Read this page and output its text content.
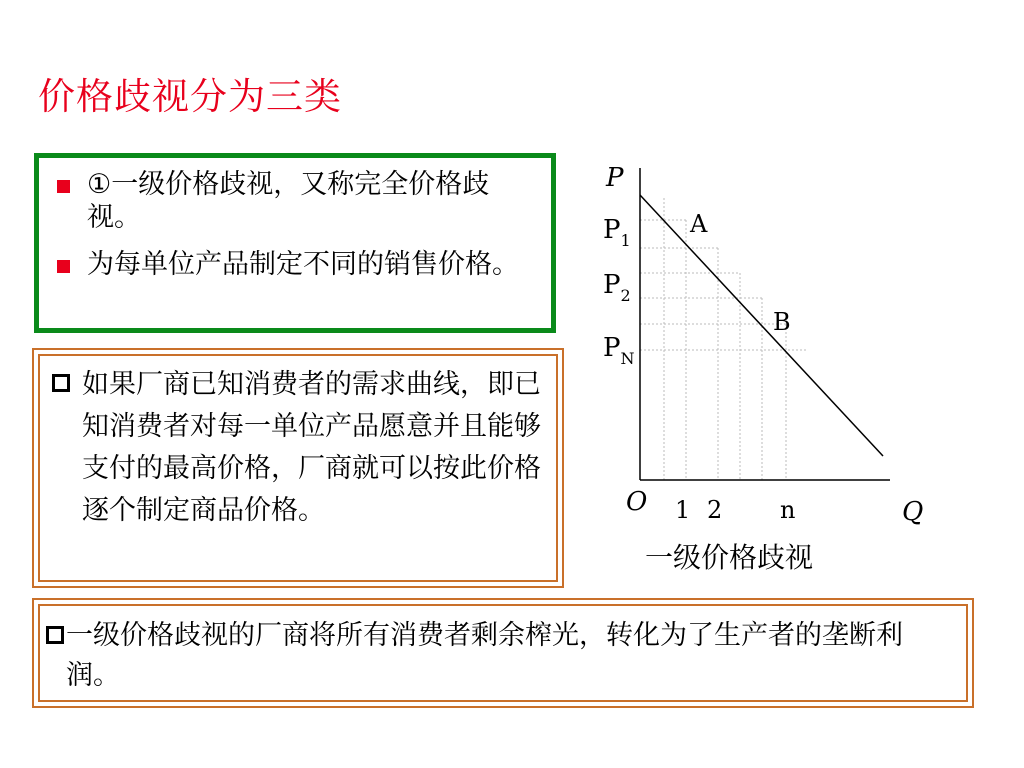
价格歧视分为三类
①一级价格歧视，又称完全价格歧视。
为每单位产品制定不同的销售价格。
如果厂商已知消费者的需求曲线，即已知消费者对每一单位产品愿意并且能够支付的最高价格，厂商就可以按此价格逐个制定商品价格。
一级价格歧视的厂商将所有消费者剩余榨光，转化为了生产者的垄断利润。
P
Q
O
$P_1$
$P_2$
$P_N$
A
B
1 2 n
一级价格歧视
